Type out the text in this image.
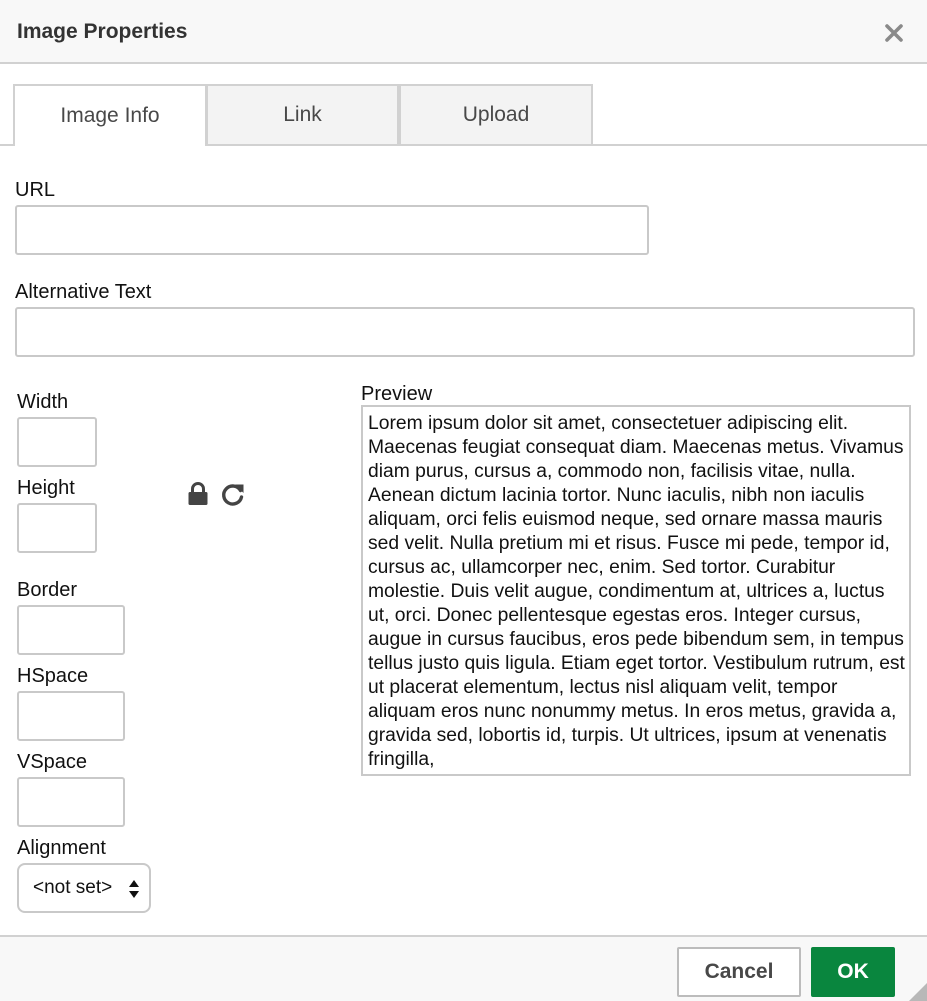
Image Properties
Image Info	Link	Upload
URL
Alternative Text
Width
Height
Border
HSpace
VSpace
Alignment
<not set>
Preview
Lorem ipsum dolor sit amet, consectetuer adipiscing elit. Maecenas feugiat consequat diam. Maecenas metus. Vivamus diam purus, cursus a, commodo non, facilisis vitae, nulla. Aenean dictum lacinia tortor. Nunc iaculis, nibh non iaculis aliquam, orci felis euismod neque, sed ornare massa mauris sed velit. Nulla pretium mi et risus. Fusce mi pede, tempor id, cursus ac, ullamcorper nec, enim. Sed tortor. Curabitur molestie. Duis velit augue, condimentum at, ultrices a, luctus ut, orci. Donec pellentesque egestas eros. Integer cursus, augue in cursus faucibus, eros pede bibendum sem, in tempus tellus justo quis ligula. Etiam eget tortor. Vestibulum rutrum, est ut placerat elementum, lectus nisl aliquam velit, tempor aliquam eros nunc nonummy metus. In eros metus, gravida a, gravida sed, lobortis id, turpis. Ut ultrices, ipsum at venenatis fringilla,
Cancel	OK
